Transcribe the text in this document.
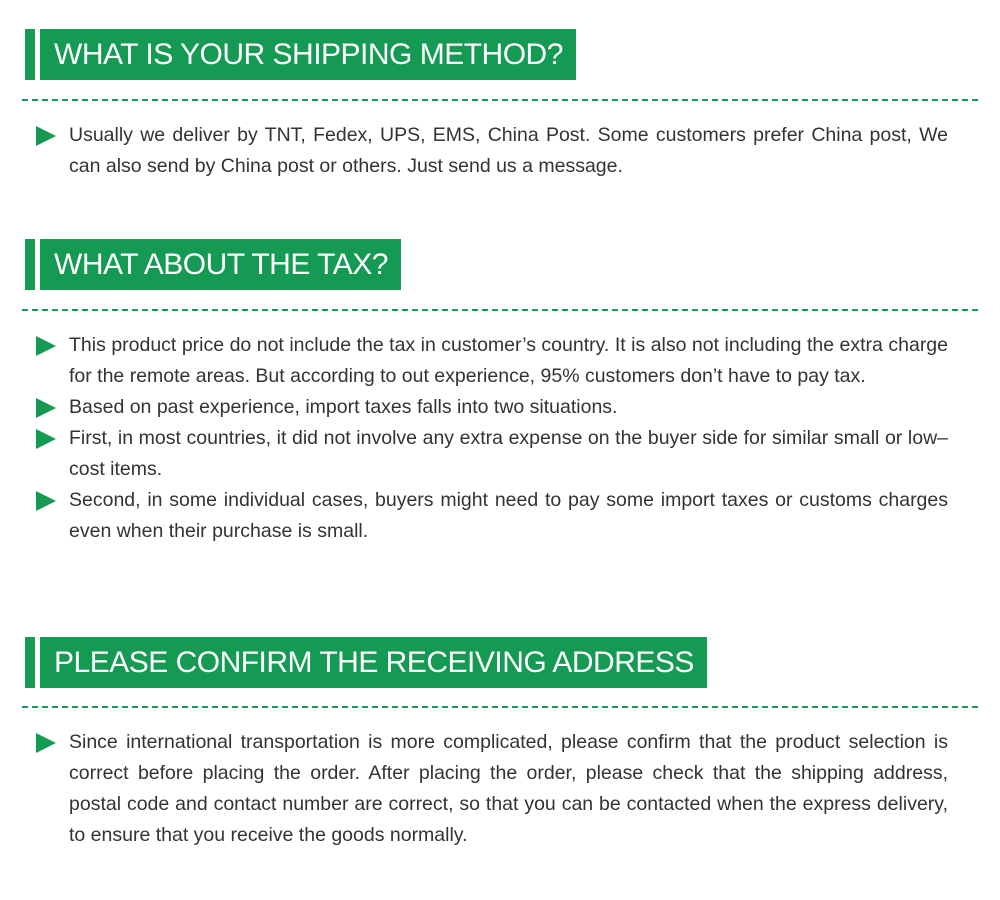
WHAT IS YOUR SHIPPING METHOD?
Usually we deliver by TNT, Fedex, UPS, EMS, China Post. Some customers prefer China post, We can also send by China post or others. Just send us a message.
WHAT ABOUT THE TAX?
This product price do not include the tax in customer’s country. It is also not including the extra charge for the remote areas. But according to out experience, 95% customers don’t have to pay tax.
Based on past experience, import taxes falls into two situations.
First, in most countries, it did not involve any extra expense on the buyer side for similar small or low–cost items.
Second, in some individual cases, buyers might need to pay some import taxes or customs charges even when their purchase is small.
PLEASE CONFIRM THE RECEIVING ADDRESS
Since international transportation is more complicated, please confirm that the product selection is correct before placing the order. After placing the order, please check that the shipping address, postal code and contact number are correct, so that you can be contacted when the express delivery, to ensure that you receive the goods normally.
